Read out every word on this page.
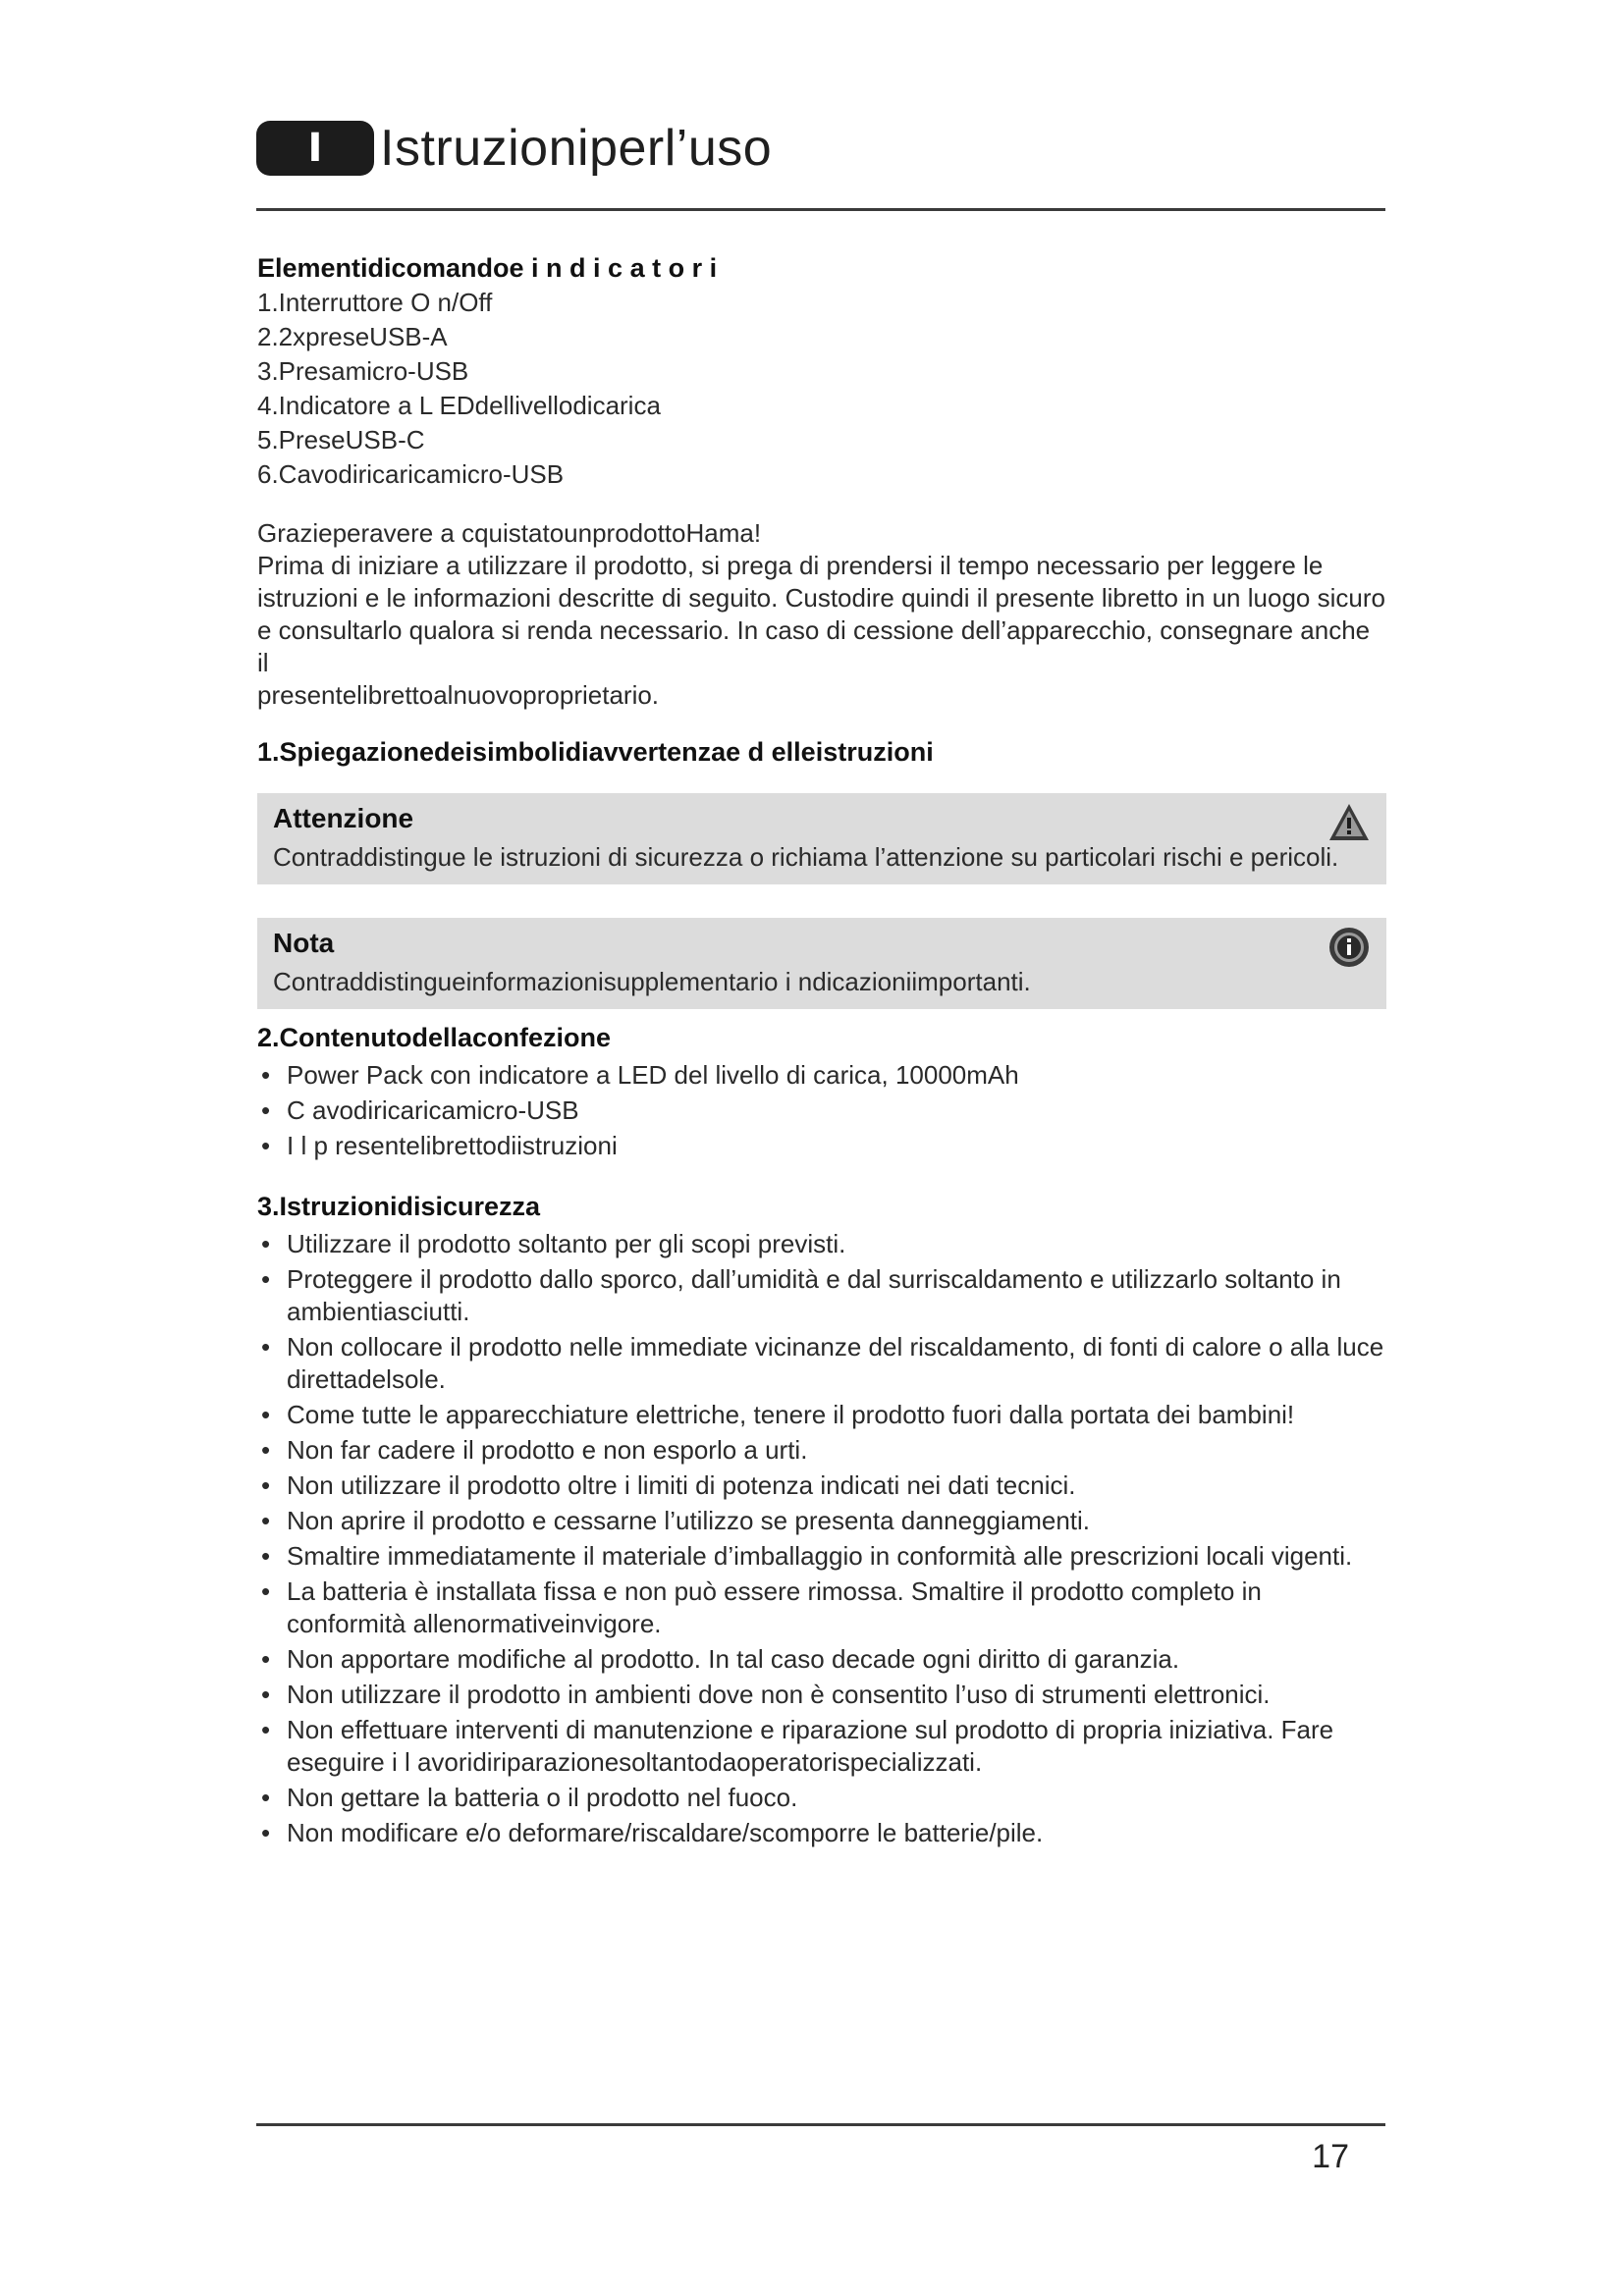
I	Istruzioniperl’uso

Elementidicomandoe i n d i c a t o r i

1.Interruttore O n/Off

2.2xpreseUSB-A

3.Presamicro-USB

4.Indicatore a L EDdellivellodicarica

5.PreseUSB-C

6.Cavodiricaricamicro-USB

Grazieperavere a cquistatounprodottoHama!

Prima di iniziare a utilizzare il prodotto, si prega di prendersi il tempo necessario per leggere le

istruzioni e le informazioni descritte di seguito. Custodire quindi il presente libretto in un luogo sicuro

e consultarlo qualora si renda necessario. In caso di cessione dell’apparecchio, consegnare anche il

presentelibrettoalnuovoproprietario.

1.Spiegazionedeisimbolidiavvertenzae d elleistruzioni

Attenzione

Contraddistingue le istruzioni di sicurezza o richiama l’attenzione su particolari rischi e pericoli.

Nota

Contraddistingueinformazionisupplementario i ndicazioniimportanti.

2.Contenutodellaconfezione

• Power Pack con indicatore a LED del livello di carica, 10000mAh
• C avodiricaricamicro-USB
• I l p resentelibrettodiistruzioni

3.Istruzionidisicurezza

• Utilizzare il prodotto soltanto per gli scopi previsti.
• Proteggere il prodotto dallo sporco, dall’umidità e dal surriscaldamento e utilizzarlo soltanto in ambientiasciutti.
• Non collocare il prodotto nelle immediate vicinanze del riscaldamento, di fonti di calore o alla luce direttadelsole.
• Come tutte le apparecchiature elettriche, tenere il prodotto fuori dalla portata dei bambini!
• Non far cadere il prodotto e non esporlo a urti.
• Non utilizzare il prodotto oltre i limiti di potenza indicati nei dati tecnici.
• Non aprire il prodotto e cessarne l’utilizzo se presenta danneggiamenti.
• Smaltire immediatamente il materiale d’imballaggio in conformità alle prescrizioni locali vigenti.
• La batteria è installata fissa e non può essere rimossa. Smaltire il prodotto completo in conformità allenormativeinvigore.
• Non apportare modifiche al prodotto. In tal caso decade ogni diritto di garanzia.
• Non utilizzare il prodotto in ambienti dove non è consentito l’uso di strumenti elettronici.
• Non effettuare interventi di manutenzione e riparazione sul prodotto di propria iniziativa. Fare eseguire i l avoridiriparazionesoltantodaoperatorispecializzati.
• Non gettare la batteria o il prodotto nel fuoco.
• Non modificare e/o deformare/riscaldare/scomporre le batterie/pile.
17
